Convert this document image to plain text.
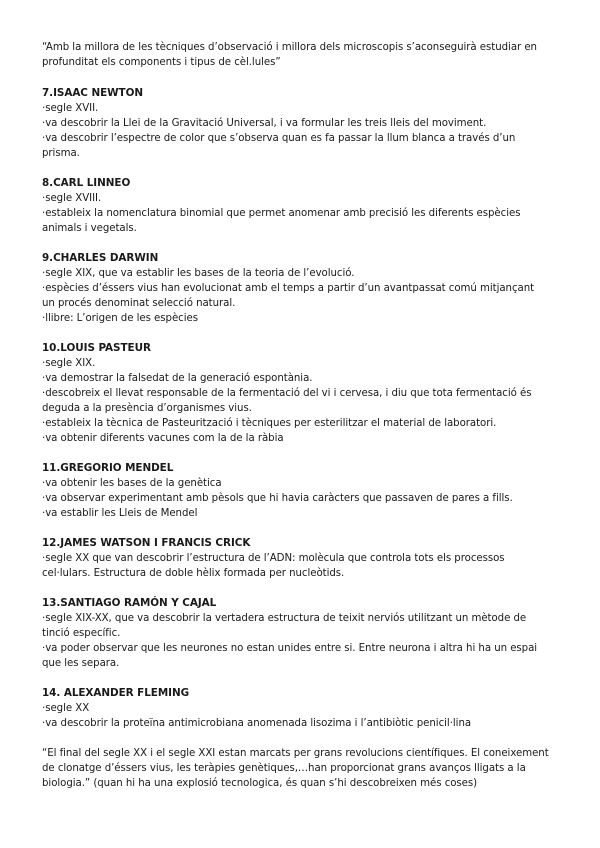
“Amb la millora de les tècniques d’observació i millora dels microscopis s’aconseguirà estudiar en profunditat els components i tipus de cèl.lules”

7.ISAAC NEWTON

·segle XVII.

·va descobrir la Llei de la Gravitació Universal, i va formular les treis lleis del moviment.

·va descobrir l’espectre de color que s’observa quan es fa passar la llum blanca a través d’un prisma.

8.CARL LINNEO

·segle XVIII.

·estableix la nomenclatura binomial que permet anomenar amb precisió les diferents espècies animals i vegetals.

9.CHARLES DARWIN

·segle XIX, que va establir les bases de la teoria de l’evolució.

·espècies d’éssers vius han evolucionat amb el temps a partir d’un avantpassat comú mitjançant un procés denominat selecció natural.

·llibre: L’origen de les espècies

10.LOUIS PASTEUR

·segle XIX.

·va demostrar la falsedat de la generació espontània.

·descobreix el llevat responsable de la fermentació del vi i cervesa, i diu que tota fermentació és deguda a la presència d’organismes vius.

·estableix la tècnica de Pasteurització i tècniques per esterilitzar el material de laboratori.

·va obtenir diferents vacunes com la de la ràbia

11.GREGORIO MENDEL

·va obtenir les bases de la genètica

·va observar experimentant amb pèsols que hi havia caràcters que passaven de pares a fills.

·va establir les Lleis de Mendel

12.JAMES WATSON I FRANCIS CRICK

·segle XX que van descobrir l’estructura de l’ADN: molècula que controla tots els processos cel·lulars. Estructura de doble hèlix formada per nucleòtids.

13.SANTIAGO RAMÓN Y CAJAL

·segle XIX-XX, que va descobrir la vertadera estructura de teixit nerviós utilitzant un mètode de tinció específic.

·va poder observar que les neurones no estan unides entre si. Entre neurona i altra hi ha un espai que les separa.

14. ALEXANDER FLEMING

·segle XX

·va descobrir la proteïna antimicrobiana anomenada lisozima i l’antibiòtic penicil·lina

“El final del segle XX i el segle XXI estan marcats per grans revolucions científiques. El coneixement de clonatge d’éssers vius, les teràpies genètiques,…han proporcionat grans avanços lligats a la biologia.” (quan hi ha una explosió tecnologica, és quan s’hi descobreixen més coses)
